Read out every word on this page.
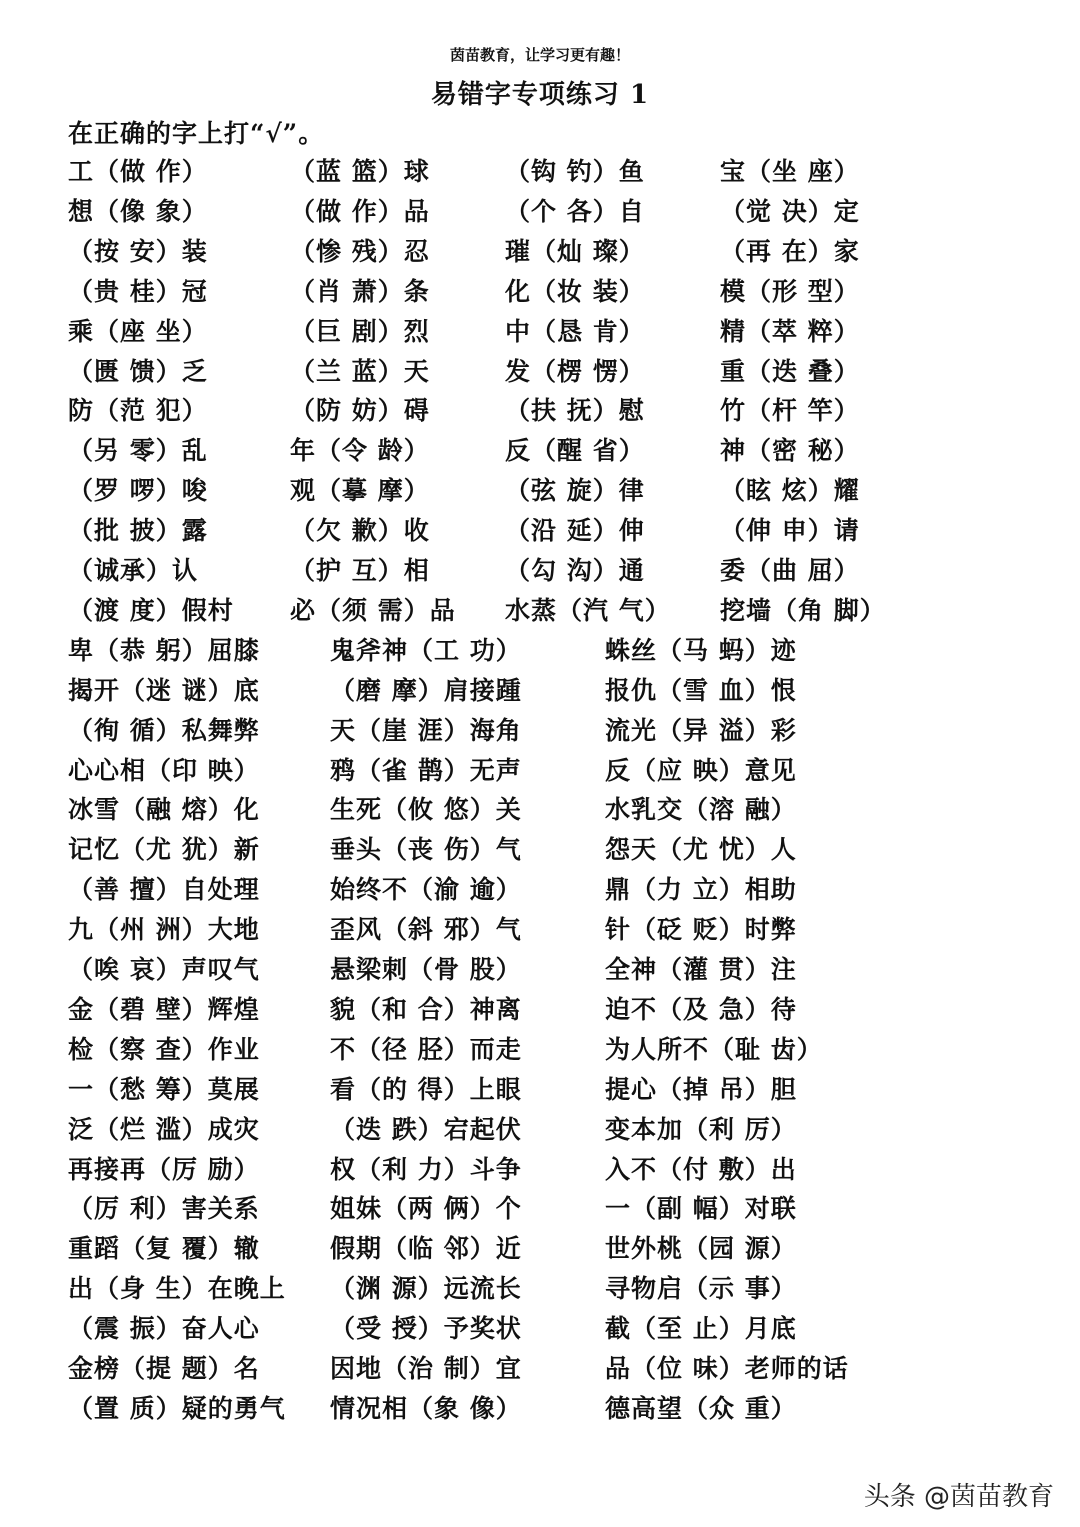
茵苗教育，让学习更有趣！
易错字专项练习 1
在正确的字上打“√”。
工（做 作）	（蓝 篮）球	（钩 钓）鱼	宝（坐 座）
想（像 象）	（做 作）品	（个 各）自	（觉 决）定
（按 安）装	（惨 残）忍	璀（灿 璨）	（再 在）家
（贵 桂）冠	（肖 萧）条	化（妆 装）	模（形 型）
乘（座 坐）	（巨 剧）烈	中（恳 肯）	精（萃 粹）
（匮 馈）乏	（兰 蓝）天	发（楞 愣）	重（迭 叠）
防（范 犯）	（防 妨）碍	（扶 抚）慰	竹（杆 竿）
（另 零）乱	年（令 龄）	反（醒 省）	神（密 秘）
（罗 啰）唆	观（摹 摩）	（弦 旋）律	（眩 炫）耀
（批 披）露	（欠 歉）收	（沿 延）伸	（伸 申）请
（诚承）认	（护 互）相	（勾 沟）通	委（曲 屈）
（渡 度）假村 必（须 需）品 水蒸（汽 气） 挖墙（角 脚）
卑（恭 躬）屈膝	鬼斧神（工 功）	蛛丝（马 蚂）迹
揭开（迷 谜）底	（磨 摩）肩接踵	报仇（雪 血）恨
（徇 循）私舞弊	天（崖 涯）海角	流光（异 溢）彩
心心相（印 映）	鸦（雀 鹊）无声	反（应 映）意见
冰雪（融 熔）化	生死（攸 悠）关	水乳交（溶 融）
记忆（尤 犹）新	垂头（丧 伤）气	怨天（尤 忧）人
（善 擅）自处理	始终不（渝 逾）	鼎（力 立）相助
九（州 洲）大地	歪风（斜 邪）气	针（砭 贬）时弊
（唉 哀）声叹气	悬梁刺（骨 股）	全神（灌 贯）注
金（碧 壁）辉煌	貌（和 合）神离	迫不（及 急）待
检（察 查）作业	不（径 胫）而走	为人所不（耻 齿）
一（愁 筹）莫展	看（的 得）上眼	提心（掉 吊）胆
泛（烂 滥）成灾	（迭 跌）宕起伏	变本加（利 厉）
再接再（厉 励）	权（利 力）斗争	入不（付 敷）出
（厉 利）害关系	姐妹（两 俩）个	一（副 幅）对联
重蹈（复 覆）辙	假期（临 邻）近	世外桃（园 源）
出（身 生）在晚上 （渊 源）远流长	寻物启（示 事）
（震 振）奋人心	（受 授）予奖状	截（至 止）月底
金榜（提 题）名	因地（治 制）宜	品（位 味）老师的话
（置 质）疑的勇气 情况相（象 像）	德高望（众 重）
头条 @茵苗教育
